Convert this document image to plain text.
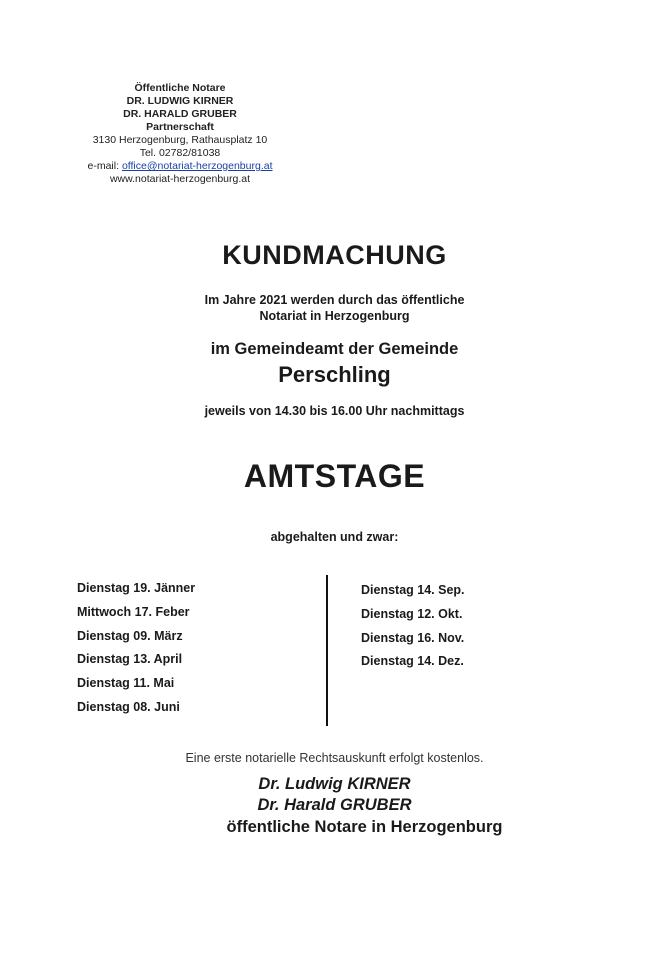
Öffentliche Notare
DR. LUDWIG KIRNER
DR. HARALD GRUBER
Partnerschaft
3130 Herzogenburg, Rathausplatz 10
Tel. 02782/81038
e-mail: office@notariat-herzogenburg.at
www.notariat-herzogenburg.at
KUNDMACHUNG
Im Jahre 2021 werden durch das öffentliche
Notariat in Herzogenburg
im Gemeindeamt der Gemeinde
Perschling
jeweils von 14.30 bis 16.00 Uhr nachmittags
AMTSTAGE
abgehalten und zwar:
Dienstag 19. Jänner
Mittwoch 17. Feber
Dienstag 09. März
Dienstag 13. April
Dienstag 11. Mai
Dienstag 08. Juni
Dienstag 14. Sep.
Dienstag 12. Okt.
Dienstag 16. Nov.
Dienstag 14. Dez.
Eine erste notarielle Rechtsauskunft erfolgt kostenlos.
Dr. Ludwig KIRNER
Dr. Harald GRUBER
öffentliche Notare in Herzogenburg
